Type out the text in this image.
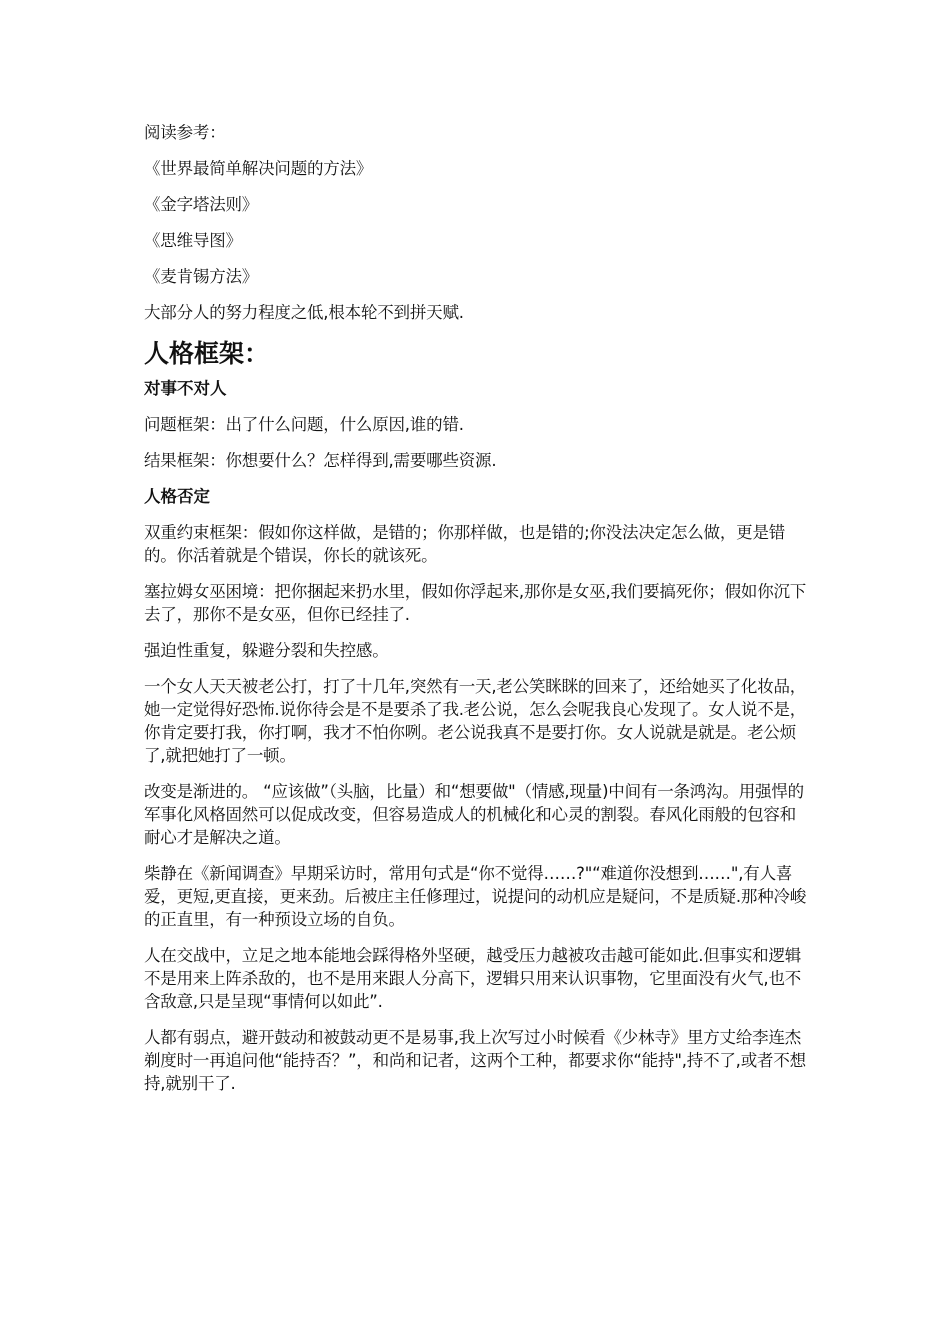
阅读参考：

《世界最简单解决问题的方法》

《金字塔法则》

《思维导图》

《麦肯锡方法》

大部分人的努力程度之低,根本轮不到拼天赋.

人格框架：
对事不对人

问题框架：出了什么问题，什么原因,谁的错.

结果框架：你想要什么？怎样得到,需要哪些资源.

人格否定

双重约束框架：假如你这样做，是错的；你那样做，也是错的;你没法决定怎么做，更是错的。你活着就是个错误，你长的就该死。

塞拉姆女巫困境：把你捆起来扔水里，假如你浮起来,那你是女巫,我们要搞死你；假如你沉下去了，那你不是女巫，但你已经挂了.

强迫性重复，躲避分裂和失控感。

一个女人天天被老公打，打了十几年,突然有一天,老公笑眯眯的回来了，还给她买了化妆品，她一定觉得好恐怖.说你待会是不是要杀了我.老公说，怎么会呢我良心发现了。女人说不是，你肯定要打我，你打啊，我才不怕你咧。老公说我真不是要打你。女人说就是就是。老公烦了,就把她打了一顿。

改变是渐进的。 “应该做”（头脑，比量）和“想要做"（情感,现量)中间有一条鸿沟。用强悍的军事化风格固然可以促成改变，但容易造成人的机械化和心灵的割裂。春风化雨般的包容和耐心才是解决之道。

柴静在《新闻调查》早期采访时，常用句式是“你不觉得……?"“难道你没想到……",有人喜爱，更短,更直接，更来劲。后被庄主任修理过，说提问的动机应是疑问，不是质疑.那种冷峻的正直里，有一种预设立场的自负。

人在交战中，立足之地本能地会踩得格外坚硬，越受压力越被攻击越可能如此.但事实和逻辑不是用来上阵杀敌的，也不是用来跟人分高下，逻辑只用来认识事物，它里面没有火气,也不含敌意,只是呈现“事情何以如此”.

人都有弱点，避开鼓动和被鼓动更不是易事,我上次写过小时候看《少林寺》里方丈给李连杰剃度时一再追问他“能持否？”，和尚和记者，这两个工种，都要求你“能持",持不了,或者不想持,就别干了.
